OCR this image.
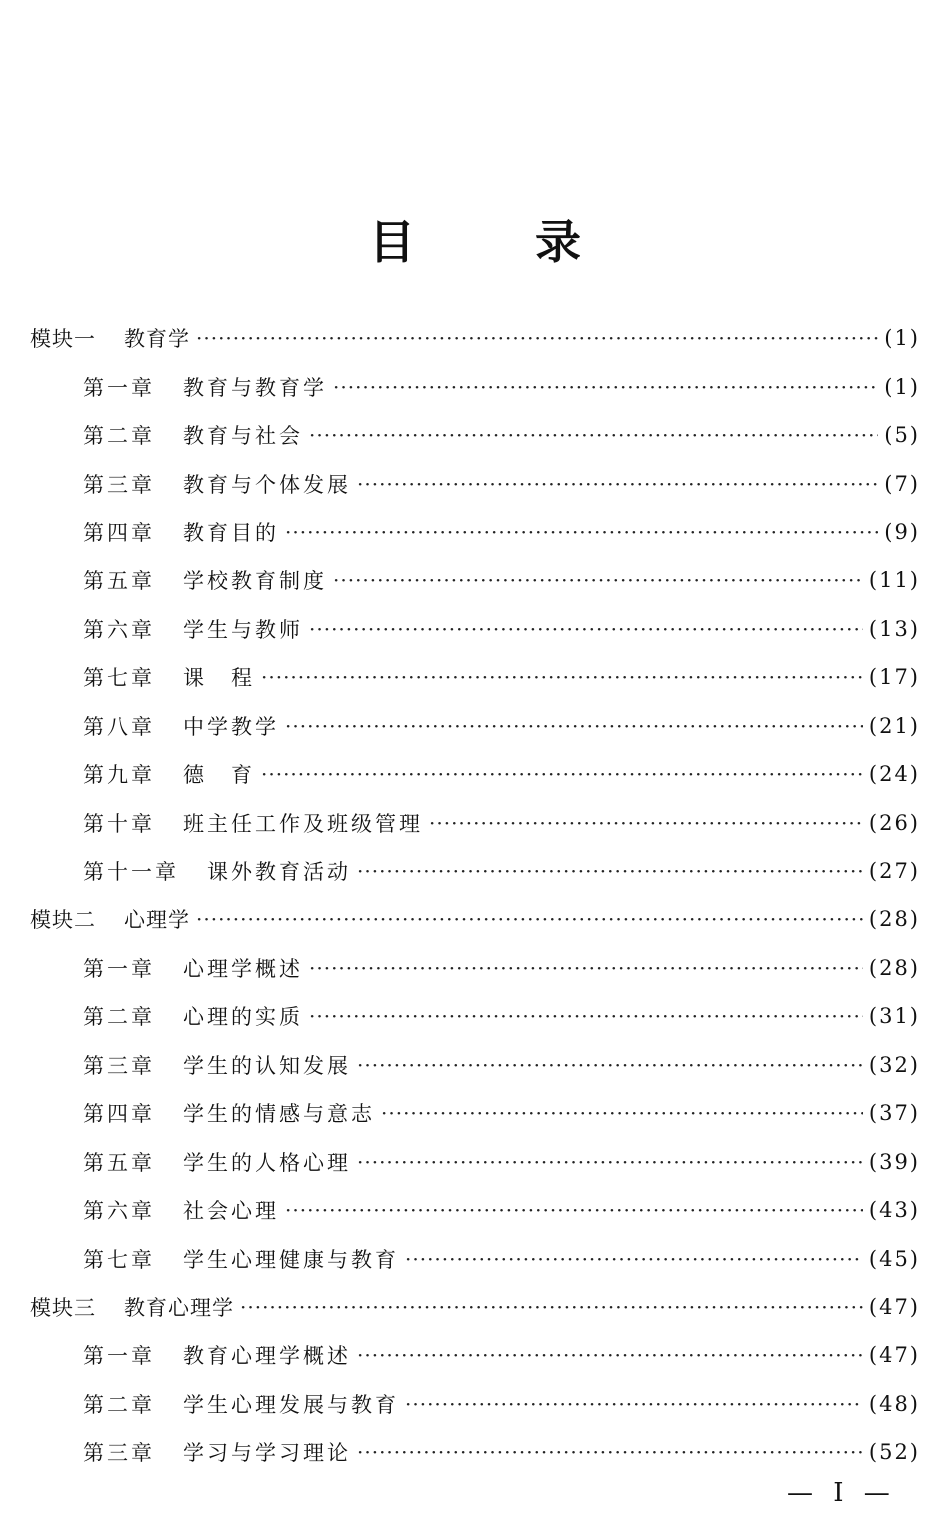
目 录
模块一 教育学 ·····	(1)
第一章 教育与教育学 ·····	(1)
第二章 教育与社会 ·····	(5)
第三章 教育与个体发展 ·····	(7)
第四章 教育目的 ·····	(9)
第五章 学校教育制度 ·····	(11)
第六章 学生与教师 ·····	(13)
第七章 课　程 ·····	(17)
第八章 中学教学 ·····	(21)
第九章 德　育 ·····	(24)
第十章 班主任工作及班级管理 ·····	(26)
第十一章 课外教育活动 ·····	(27)
模块二 心理学 ·····	(28)
第一章 心理学概述 ·····	(28)
第二章 心理的实质 ·····	(31)
第三章 学生的认知发展 ·····	(32)
第四章 学生的情感与意志 ·····	(37)
第五章 学生的人格心理 ·····	(39)
第六章 社会心理 ·····	(43)
第七章 学生心理健康与教育 ·····	(45)
模块三 教育心理学 ·····	(47)
第一章 教育心理学概述 ·····	(47)
第二章 学生心理发展与教育 ·····	(48)
第三章 学习与学习理论 ·····	(52)
— Ⅰ —
